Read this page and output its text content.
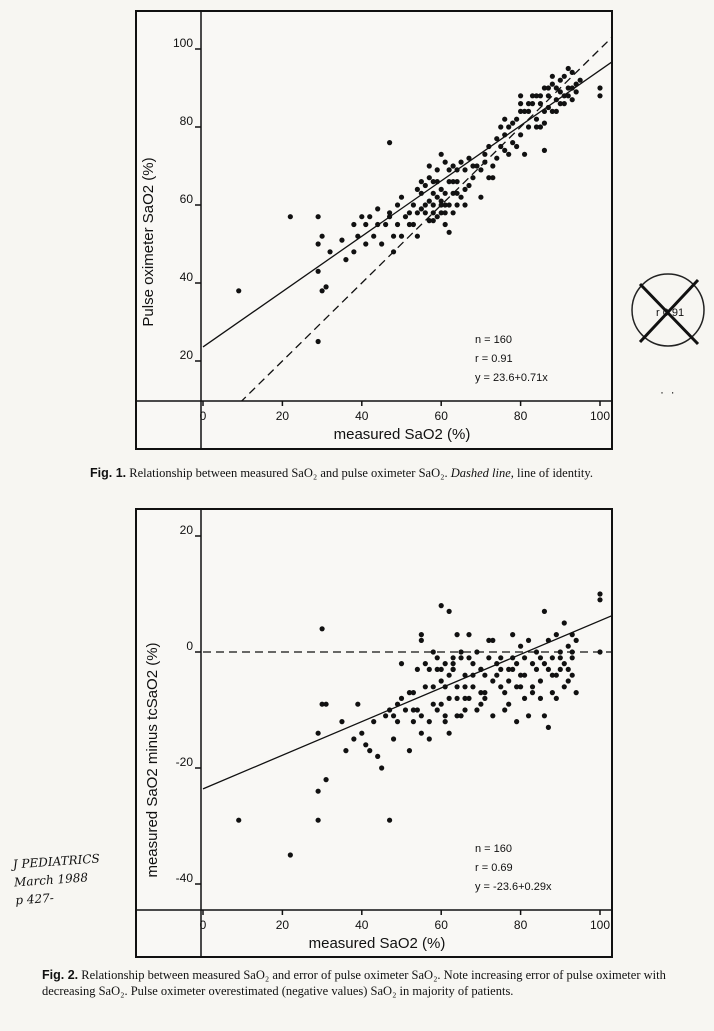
20
40
60
80
100
0	20	40	60	80	100
measured SaO2 (%)
Pulse oximeter SaO2 (%)
n = 160
r = 0.91
y = 23.6+0.71x
Fig. 1. Relationship between measured SaO₂ and pulse oximeter SaO₂. Dashed line, line of identity.
-40
-20
0
20
0	20	40	60	80	100
measured SaO2 (%)
measured SaO2 minus tcSaO2 (%)	n = 160
r = 0.69
y = -23.6+0.29x
Fig. 2. Relationship between measured SaO₂ and error of pulse oximeter SaO₂. Note increasing error of pulse oximeter with decreasing SaO₂. Pulse oximeter overestimated (negative values) SaO₂ in majority of patients.
J PEDIATRICS
March 1988
p 427-
r 0.91
·  ·
